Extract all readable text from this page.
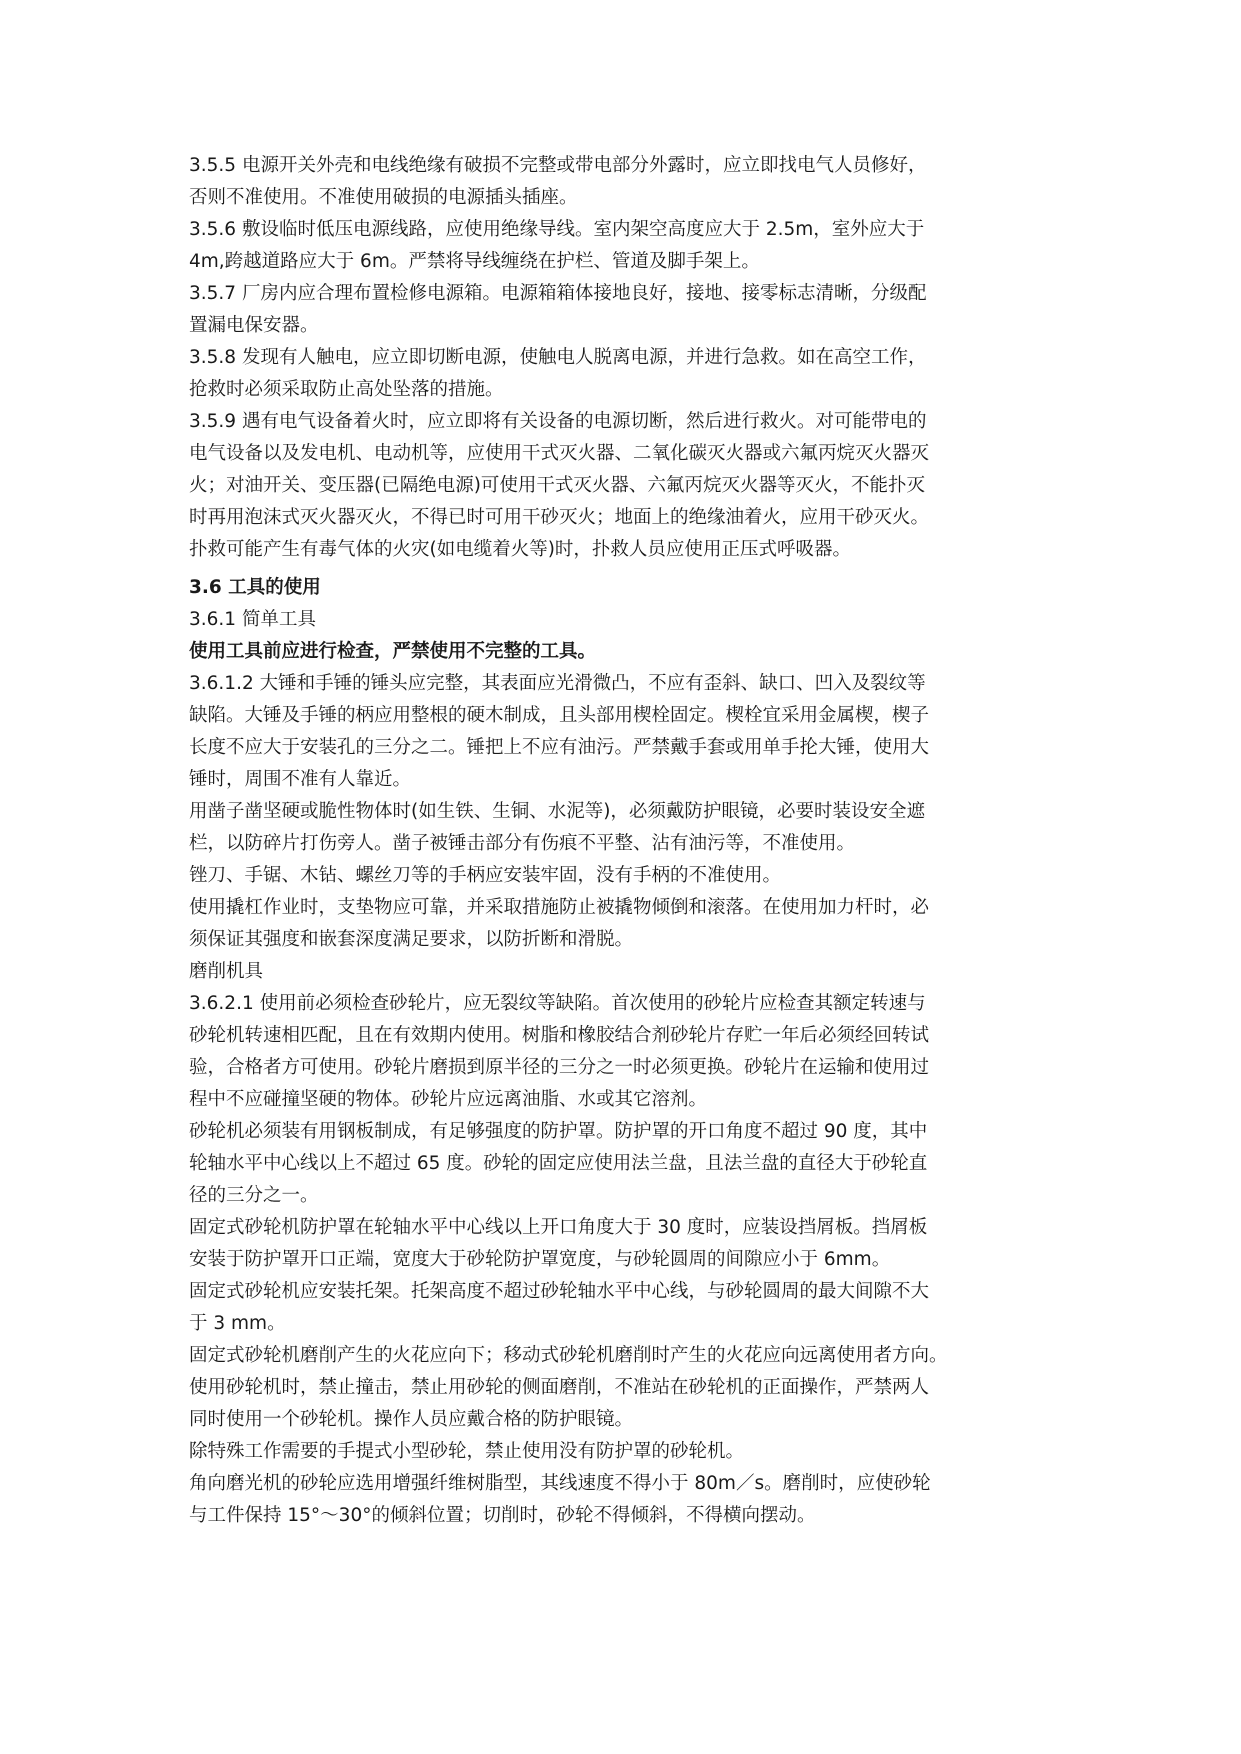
3.5.5 电源开关外壳和电线绝缘有破损不完整或带电部分外露时，应立即找电气人员修好，
否则不准使用。不准使用破损的电源插头插座。
3.5.6 敷设临时低压电源线路，应使用绝缘导线。室内架空高度应大于 2.5m，室外应大于
4m,跨越道路应大于 6m。严禁将导线缠绕在护栏、管道及脚手架上。
3.5.7 厂房内应合理布置检修电源箱。电源箱箱体接地良好，接地、接零标志清晰，分级配
置漏电保安器。
3.5.8 发现有人触电，应立即切断电源，使触电人脱离电源，并进行急救。如在高空工作，
抢救时必须采取防止高处坠落的措施。
3.5.9 遇有电气设备着火时，应立即将有关设备的电源切断，然后进行救火。对可能带电的
电气设备以及发电机、电动机等，应使用干式灭火器、二氧化碳灭火器或六氟丙烷灭火器灭
火；对油开关、变压器(已隔绝电源)可使用干式灭火器、六氟丙烷灭火器等灭火，不能扑灭
时再用泡沫式灭火器灭火，不得已时可用干砂灭火；地面上的绝缘油着火，应用干砂灭火。
扑救可能产生有毒气体的火灾(如电缆着火等)时，扑救人员应使用正压式呼吸器。
3.6 工具的使用
3.6.1 简单工具
使用工具前应进行检查，严禁使用不完整的工具。
3.6.1.2 大锤和手锤的锤头应完整，其表面应光滑微凸，不应有歪斜、缺口、凹入及裂纹等
缺陷。大锤及手锤的柄应用整根的硬木制成，且头部用楔栓固定。楔栓宜采用金属楔，楔子
长度不应大于安装孔的三分之二。锤把上不应有油污。严禁戴手套或用单手抡大锤，使用大
锤时，周围不准有人靠近。
用凿子凿坚硬或脆性物体时(如生铁、生铜、水泥等)，必须戴防护眼镜，必要时装设安全遮
栏，以防碎片打伤旁人。凿子被锤击部分有伤痕不平整、沾有油污等，不准使用。
锉刀、手锯、木钻、螺丝刀等的手柄应安装牢固，没有手柄的不准使用。
使用撬杠作业时，支垫物应可靠，并采取措施防止被撬物倾倒和滚落。在使用加力杆时，必
须保证其强度和嵌套深度满足要求，以防折断和滑脱。
磨削机具
3.6.2.1 使用前必须检查砂轮片，应无裂纹等缺陷。首次使用的砂轮片应检查其额定转速与
砂轮机转速相匹配，且在有效期内使用。树脂和橡胶结合剂砂轮片存贮一年后必须经回转试
验，合格者方可使用。砂轮片磨损到原半径的三分之一时必须更换。砂轮片在运输和使用过
程中不应碰撞坚硬的物体。砂轮片应远离油脂、水或其它溶剂。
砂轮机必须装有用钢板制成，有足够强度的防护罩。防护罩的开口角度不超过 90 度，其中
轮轴水平中心线以上不超过 65 度。砂轮的固定应使用法兰盘，且法兰盘的直径大于砂轮直
径的三分之一。
固定式砂轮机防护罩在轮轴水平中心线以上开口角度大于 30 度时，应装设挡屑板。挡屑板
安装于防护罩开口正端，宽度大于砂轮防护罩宽度，与砂轮圆周的间隙应小于 6mm。
固定式砂轮机应安装托架。托架高度不超过砂轮轴水平中心线，与砂轮圆周的最大间隙不大
于 3 mm。
固定式砂轮机磨削产生的火花应向下；移动式砂轮机磨削时产生的火花应向远离使用者方向。
使用砂轮机时，禁止撞击，禁止用砂轮的侧面磨削，不准站在砂轮机的正面操作，严禁两人
同时使用一个砂轮机。操作人员应戴合格的防护眼镜。
除特殊工作需要的手提式小型砂轮，禁止使用没有防护罩的砂轮机。
角向磨光机的砂轮应选用增强纤维树脂型，其线速度不得小于 80m／s。磨削时，应使砂轮
与工件保持 15°～30°的倾斜位置；切削时，砂轮不得倾斜，不得横向摆动。
